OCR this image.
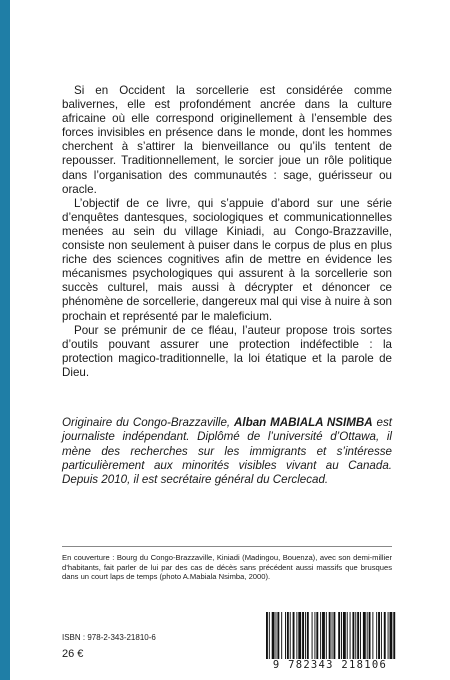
Si en Occident la sorcellerie est considérée comme balivernes, elle est profondément ancrée dans la culture africaine où elle correspond originellement à l’ensemble des forces invisibles en présence dans le monde, dont les hommes cherchent à s’attirer la bienveillance ou qu’ils tentent de repousser. Traditionnellement, le sorcier joue un rôle politique dans l’organisation des communautés : sage, guérisseur ou oracle.

L’objectif de ce livre, qui s’appuie d’abord sur une série d’enquêtes dantesques, sociologiques et communicationnelles menées au sein du village Kiniadi, au Congo-Brazzaville, consiste non seulement à puiser dans le corpus de plus en plus riche des sciences cognitives afin de mettre en évidence les mécanismes psychologiques qui assurent à la sorcellerie son succès culturel, mais aussi à décrypter et dénoncer ce phénomène de sorcellerie, dangereux mal qui vise à nuire à son prochain et représenté par le maleficium.

Pour se prémunir de ce fléau, l’auteur propose trois sortes d’outils pouvant assurer une protection indéfectible : la protection magico-traditionnelle, la loi étatique et la parole de Dieu.

Originaire du Congo-Brazzaville, Alban MABIALA NSIMBA est journaliste indépendant. Diplômé de l’université d’Ottawa, il mène des recherches sur les immigrants et s’intéresse particulièrement aux minorités visibles vivant au Canada. Depuis 2010, il est secrétaire général du Cerclecad.
En couverture : Bourg du Congo-Brazzaville, Kiniadi (Madingou, Bouenza), avec son demi-millier d’habitants, fait parler de lui par des cas de décès sans précédent aussi massifs que brusques dans un court laps de temps (photo A.Mabiala Nsimba, 2000).
ISBN : 978-2-343-21810-6
26 €
9 782343 218106
